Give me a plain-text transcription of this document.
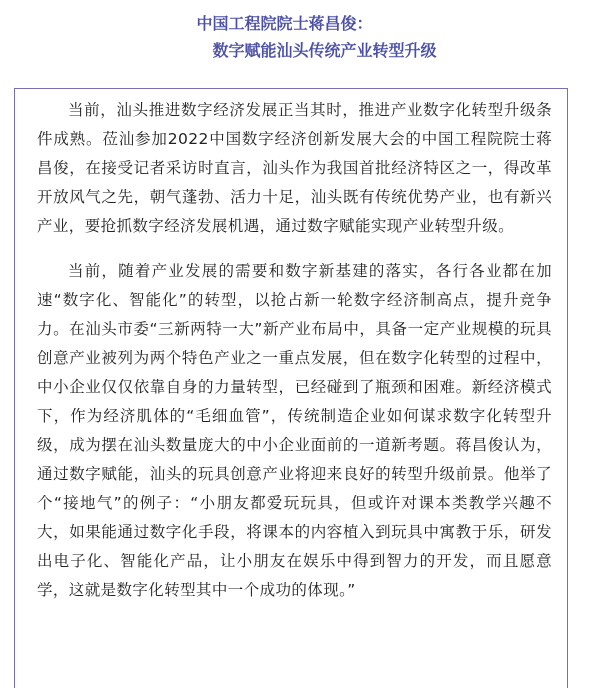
中国工程院院士蒋昌俊：
数字赋能汕头传统产业转型升级

当前，汕头推进数字经济发展正当其时，推进产业数字化转型升级条件成熟。莅汕参加2022中国数字经济创新发展大会的中国工程院院士蒋昌俊，在接受记者采访时直言，汕头作为我国首批经济特区之一，得改革开放风气之先，朝气蓬勃、活力十足，汕头既有传统优势产业，也有新兴产业，要抢抓数字经济发展机遇，通过数字赋能实现产业转型升级。

当前，随着产业发展的需要和数字新基建的落实，各行各业都在加速“数字化、智能化”的转型，以抢占新一轮数字经济制高点，提升竞争力。在汕头市委“三新两特一大”新产业布局中，具备一定产业规模的玩具创意产业被列为两个特色产业之一重点发展，但在数字化转型的过程中，中小企业仅仅依靠自身的力量转型，已经碰到了瓶颈和困难。新经济模式下，作为经济肌体的“毛细血管”，传统制造企业如何谋求数字化转型升级，成为摆在汕头数量庞大的中小企业面前的一道新考题。蒋昌俊认为，通过数字赋能，汕头的玩具创意产业将迎来良好的转型升级前景。他举了个“接地气”的例子：“小朋友都爱玩玩具，但或许对课本类教学兴趣不大，如果能通过数字化手段，将课本的内容植入到玩具中寓教于乐，研发出电子化、智能化产品，让小朋友在娱乐中得到智力的开发，而且愿意学，这就是数字化转型其中一个成功的体现。”
